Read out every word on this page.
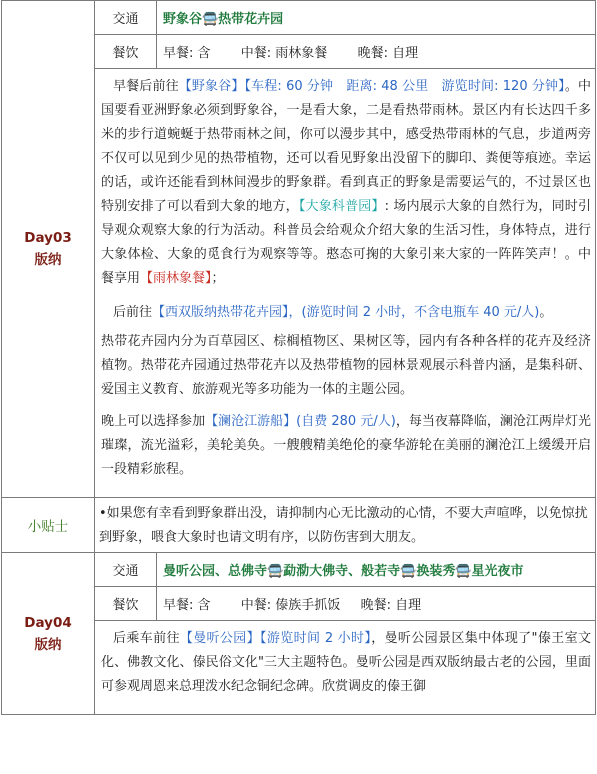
Day03
版纳	交通	野象谷🚍热带花卉园
	餐饮	早餐: 含 中餐: 雨林象餐 晚餐: 自理

	早餐后前往【野象谷】【车程: 60 分钟　距离: 48 公里　游览时间: 120 分钟】。中国要看亚洲野象必须到野象谷，一是看大象，二是看热带雨林。景区内有长达四千多米的步行道蜿蜒于热带雨林之间，你可以漫步其中，感受热带雨林的气息，步道两旁不仅可以见到少见的热带植物，还可以看见野象出没留下的脚印、粪便等痕迹。幸运的话，或许还能看到林间漫步的野象群。看到真正的野象是需要运气的，不过景区也特别安排了可以看到大象的地方，【大象科普园】: 场内展示大象的自然行为，同时引导观众观察大象的行为活动。科普员会给观众介绍大象的生活习性，身体特点，进行大象体检、大象的觅食行为观察等等。憨态可掬的大象引来大家的一阵阵笑声！。中餐享用【雨林象餐】；

后前往【西双版纳热带花卉园】，(游览时间 2 小时，不含电瓶车 40 元/人)。

热带花卉园内分为百草园区、棕榈植物区、果树区等，园内有各种各样的花卉及经济植物。热带花卉园通过热带花卉以及热带植物的园林景观展示科普内涵，是集科研、爱国主义教育、旅游观光等多功能为一体的主题公园。

晚上可以选择参加【澜沧江游船】(自费 280 元/人)，每当夜幕降临，澜沧江两岸灯光璀璨，流光溢彩，美轮美奂。一艘艘精美绝伦的豪华游轮在美丽的澜沧江上缓缓开启一段精彩旅程。	

小贴士	•如果您有幸看到野象群出没，请抑制内心无比激动的心情，不要大声喧哗，以免惊扰到野象，喂食大象时也请文明有序，以防伤害到大朋友。	

Day04
版纳	交通	曼听公园、总佛寺🚍勐泐大佛寺、般若寺🚍换装秀🚍星光夜市
	餐饮	早餐: 含 中餐: 傣族手抓饭 晚餐: 自理

	后乘车前往【曼听公园】【游览时间 2 小时】，曼听公园景区集中体现了"傣王室文化、佛教文化、傣民俗文化"三大主题特色。曼听公园是西双版纳最古老的公园，里面可参观周恩来总理泼水纪念铜纪念碑。欣赏调皮的傣王御	
